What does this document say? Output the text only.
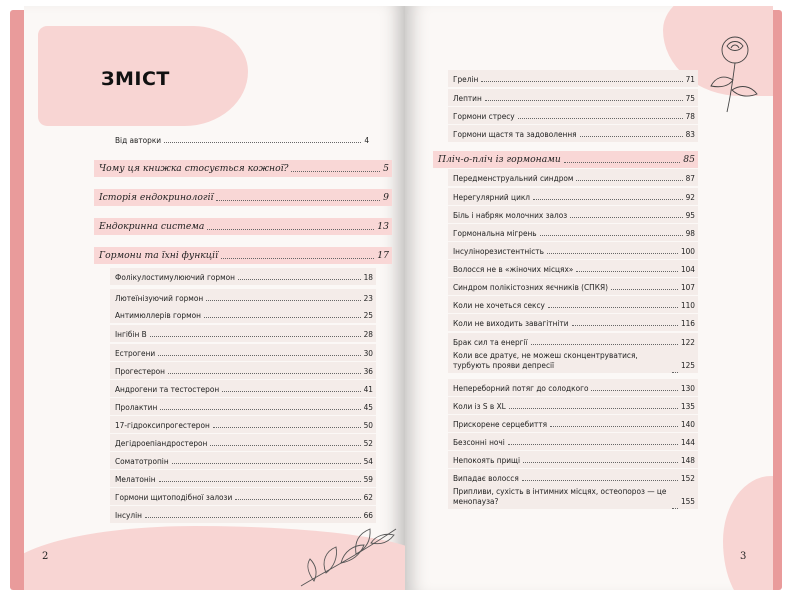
ЗМІСТ
Від авторки	4
Чому ця книжка стосується кожної?	5
Історія ендокринології	9
Ендокринна система	13
Гормони та їхні функції	17
Фолікулостимулюючий гормон	18
Лютеїнізуючий гормон	23
Антимюллерів гормон	25
Інгібін В	28
Естрогени	30
Прогестерон	36
Андрогени та тестостерон	41
Пролактин	45
17-гідроксипрогестерон	50
Дегідроепіандростерон	52
Соматотропін	54
Мелатонін	59
Гормони щитоподібної залози	62
Інсулін	66
2
Грелін	71
Лептин	75
Гормони стресу	78
Гормони щастя та задоволення	83
Пліч-о-пліч із гормонами	85
Передменструальний синдром	87
Нерегулярний цикл	92
Біль і набряк молочних залоз	95
Гормональна мігрень	98
Інсулінорезистентність	100
Волосся не в «жіночих місцях»	104
Синдром полікістозних яєчників (СПКЯ)	107
Коли не хочеться сексу	110
Коли не виходить завагітніти	116
Брак сил та енергії	122
Коли все дратує, не можеш сконцентруватися, турбують прояви депресії	125
Непереборний потяг до солодкого	130
Коли із S в XL	135
Прискорене серцебиття	140
Безсонні ночі	144
Непокоять прищі	148
Випадає волосся	152
Припливи, сухість в інтимних місцях, остеопороз — це менопауза?	155
3
